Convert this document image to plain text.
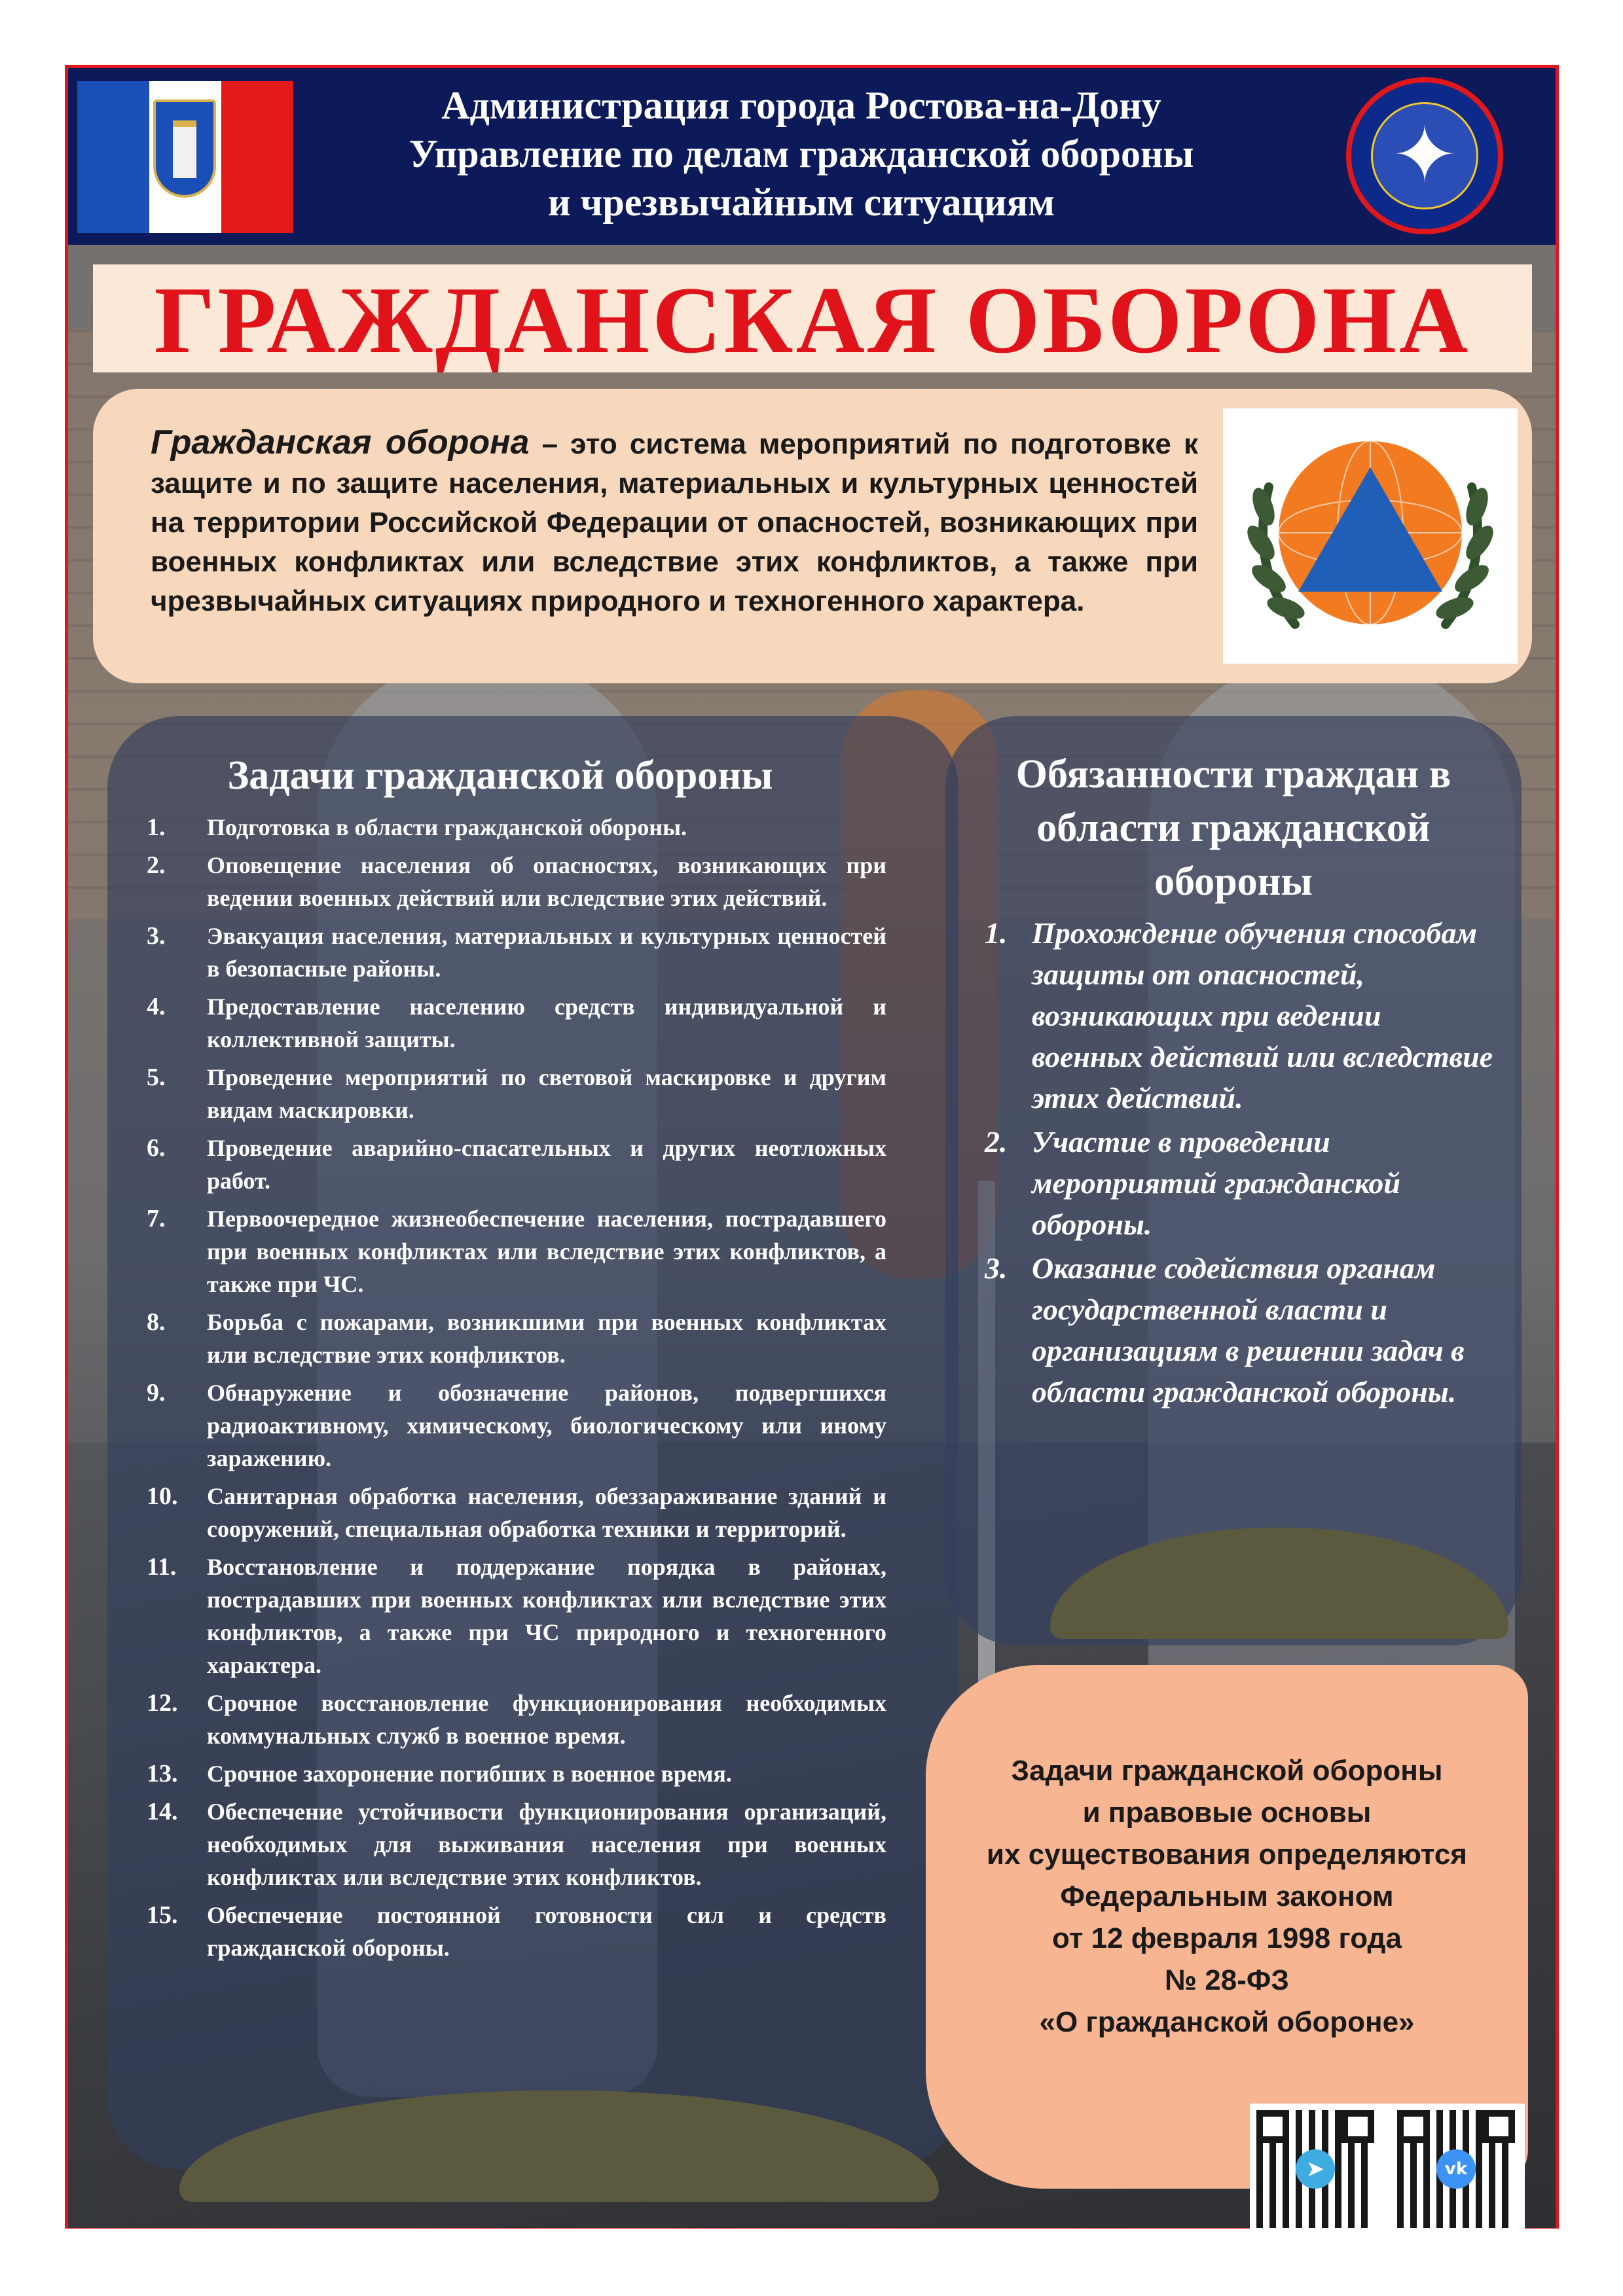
Администрация города Ростова-на-Дону
Управление по делам гражданской обороны
и чрезвычайным ситуациям
✦
ГРАЖДАНСКАЯ ОБОРОНА
Гражданская оборона – это система мероприятий по подготовке к защите и по защите населения, материальных и культурных ценностей на территории Российской Федерации от опасностей, возникающих при военных конфликтах или вследствие этих конфликтов, а также при чрезвычайных ситуациях природного и техногенного характера.
Задачи гражданской обороны
1.	Подготовка в области гражданской обороны.
2.	Оповещение населения об опасностях, возникающих при ведении военных действий или вследствие этих действий.
3.	Эвакуация населения, материальных и культурных ценностей в безопасные районы.
4.	Предоставление населению средств индивидуальной и коллективной защиты.
5.	Проведение мероприятий по световой маскировке и другим видам маскировки.
6.	Проведение аварийно-спасательных и других неотложных работ.
7.	Первоочередное жизнеобеспечение населения, пострадавшего при военных конфликтах или вследствие этих конфликтов, а также при ЧС.
8.	Борьба с пожарами, возникшими при военных конфликтах или вследствие этих конфликтов.
9.	Обнаружение и обозначение районов, подвергшихся радиоактивному, химическому, биологическому или иному заражению.
10.	Санитарная обработка населения, обеззараживание зданий и сооружений, специальная обработка техники и территорий.
11.	Восстановление и поддержание порядка в районах, пострадавших при военных конфликтах или вследствие этих конфликтов, а также при ЧС природного и техногенного характера.
12.	Срочное восстановление функционирования необходимых коммунальных служб в военное время.
13.	Срочное захоронение погибших в военное время.
14.	Обеспечение устойчивости функционирования организаций, необходимых для выживания населения при военных конфликтах или вследствие этих конфликтов.
15.	Обеспечение постоянной готовности сил и средств гражданской обороны.
Обязанности граждан в области гражданской обороны
1. Прохождение обучения способам защиты от опасностей, возникающих при ведении военных действий или вследствие этих действий.
2. Участие в проведении мероприятий гражданской обороны.
3. Оказание содействия органам государственной власти и организациям в решении задач в области гражданской обороны.
Задачи гражданской обороны
и правовые основы
их существования определяются
Федеральным законом
от 12 февраля 1998 года
№ 28-ФЗ
«О гражданской обороне»
➤	vk
Управление по делам ГО и ЧС
г. Ростова-на-Дону
